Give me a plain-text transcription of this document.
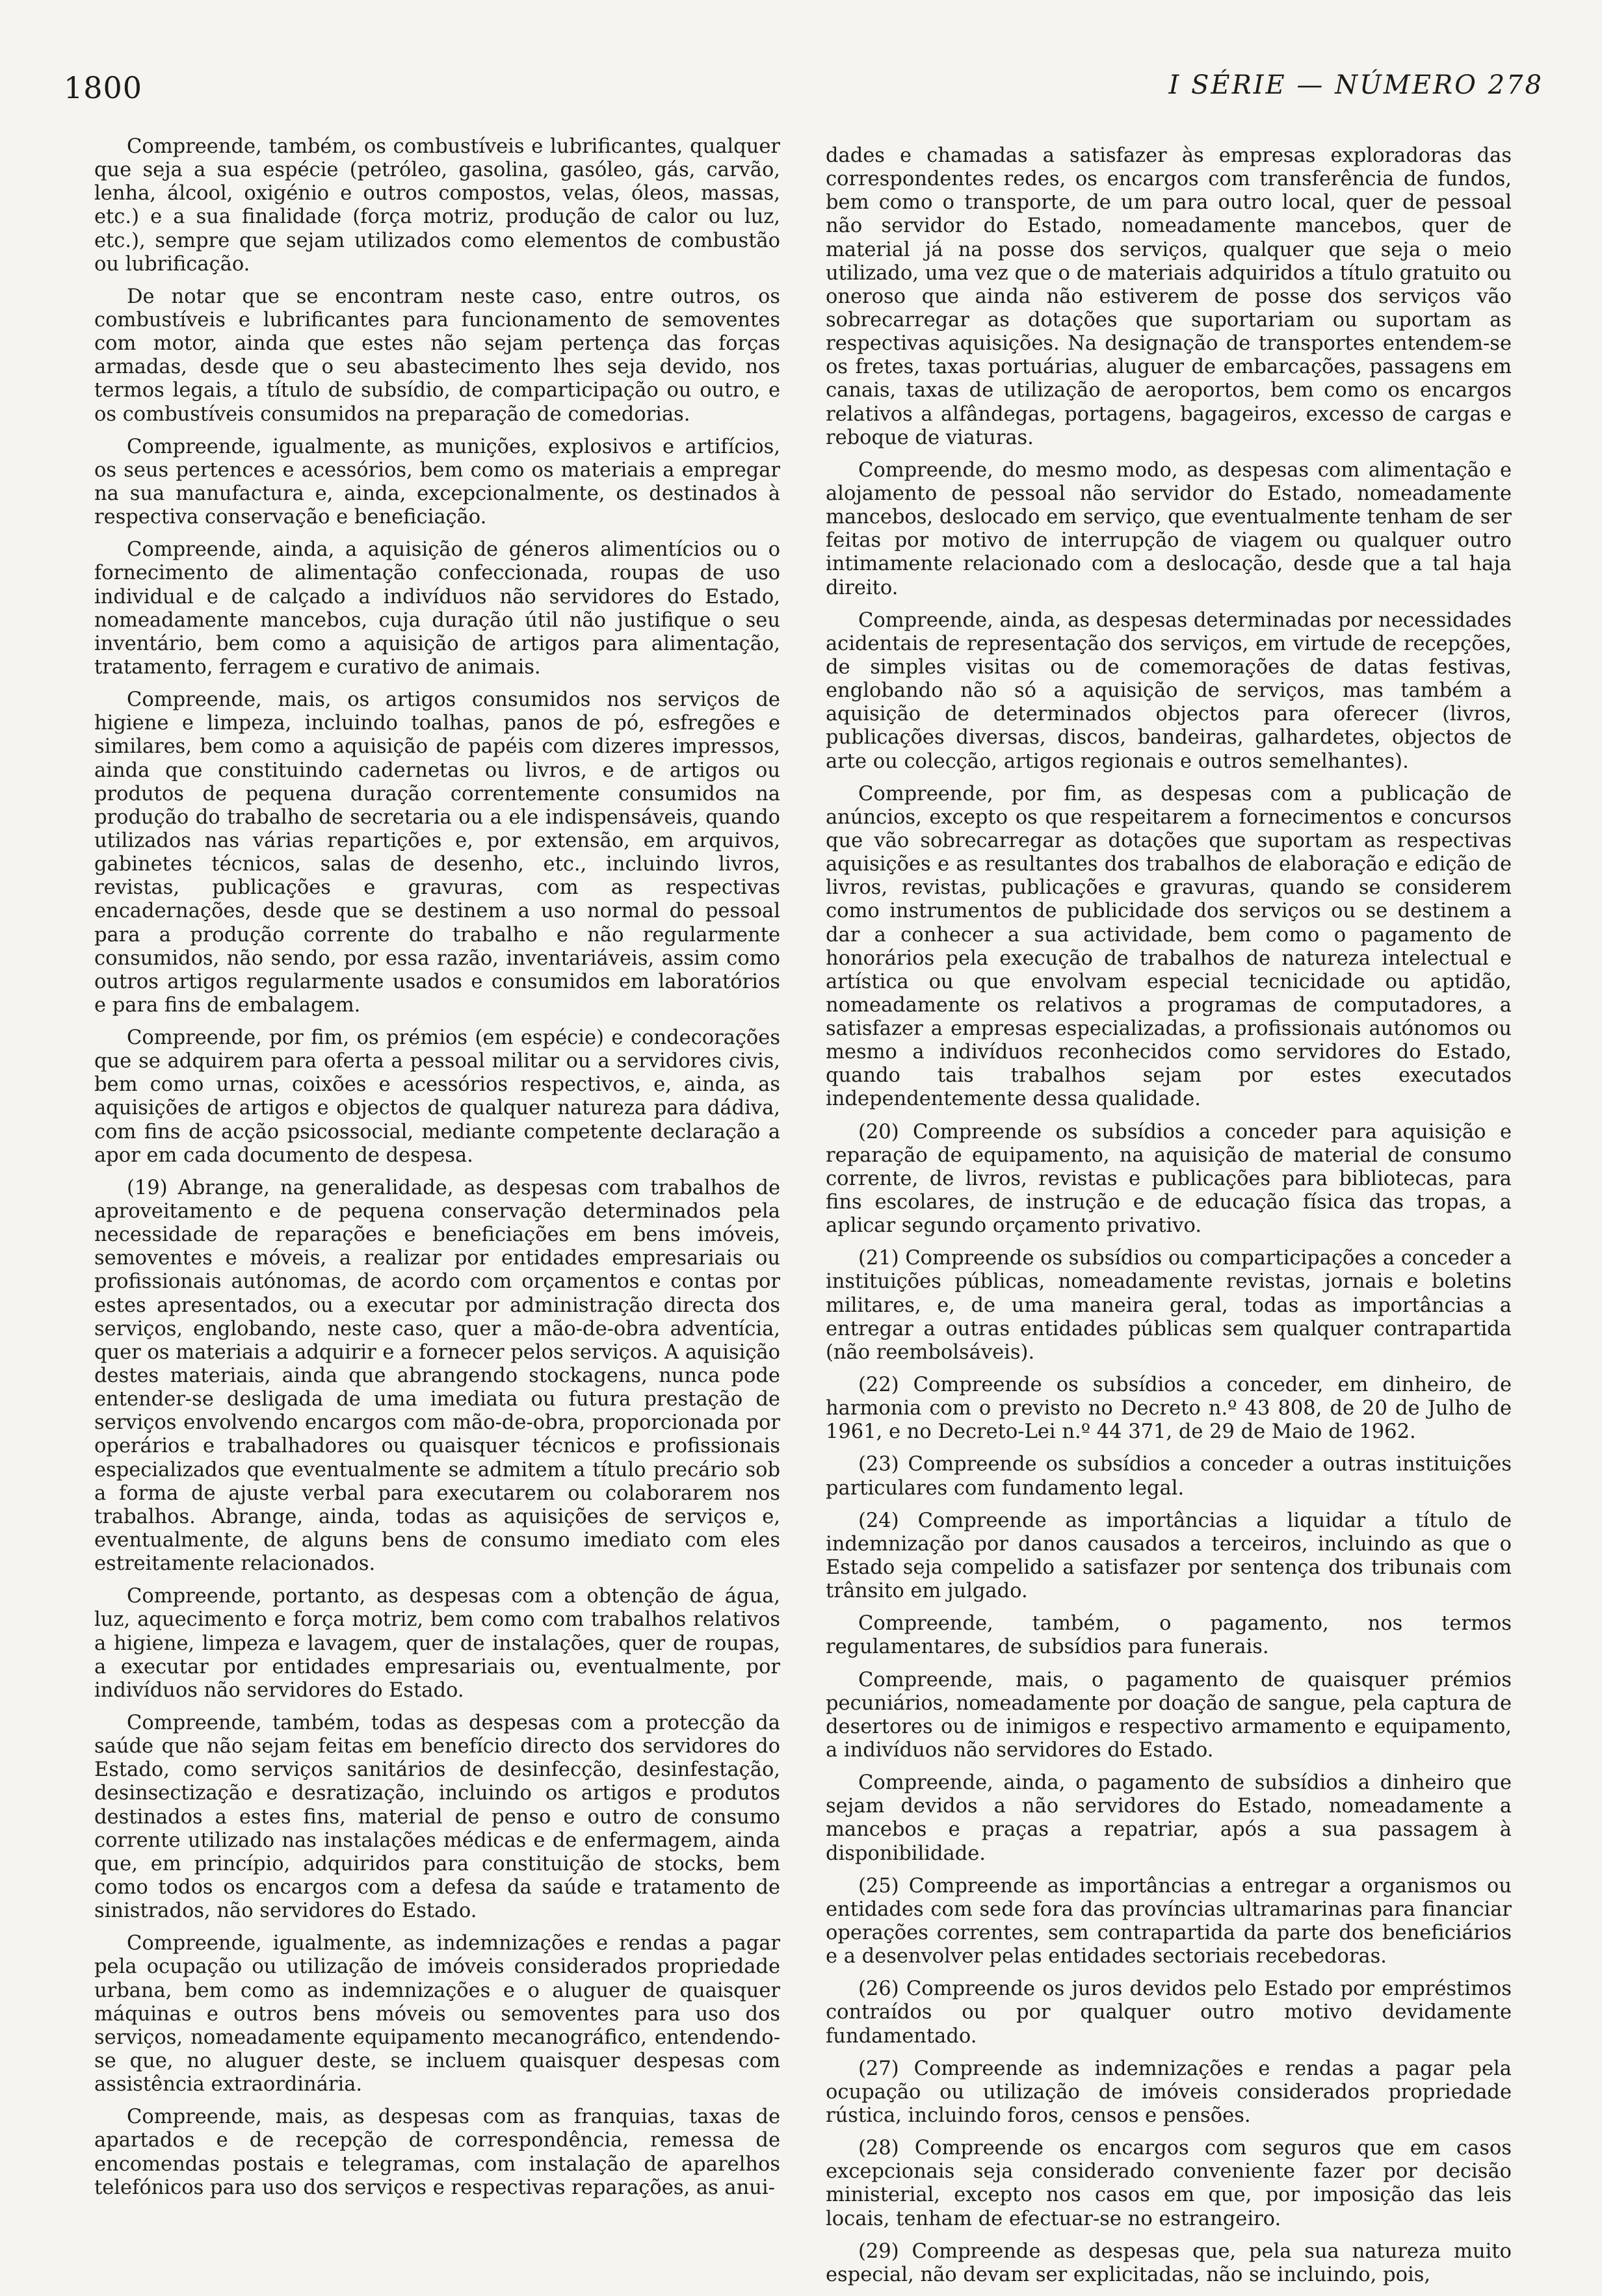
1800	I SÉRIE — NÚMERO 278

Compreende, também, os combustíveis e lubrificantes, qualquer que seja a sua espécie (petróleo, gasolina, gasóleo, gás, carvão, lenha, álcool, oxigénio e outros compostos, velas, óleos, massas, etc.) e a sua finalidade (força motriz, produção de calor ou luz, etc.), sempre que sejam utilizados como elementos de combustão ou lubrificação.

De notar que se encontram neste caso, entre outros, os combustíveis e lubrificantes para funcionamento de semoventes com motor, ainda que estes não sejam pertença das forças armadas, desde que o seu abastecimento lhes seja devido, nos termos legais, a título de subsídio, de comparticipação ou outro, e os combustíveis consumidos na preparação de comedorias.

Compreende, igualmente, as munições, explosivos e artifícios, os seus pertences e acessórios, bem como os materiais a empregar na sua manufactura e, ainda, excepcionalmente, os destinados à respectiva conservação e beneficiação.

Compreende, ainda, a aquisição de géneros alimentícios ou o fornecimento de alimentação confeccionada, roupas de uso individual e de calçado a indivíduos não servidores do Estado, nomeadamente mancebos, cuja duração útil não justifique o seu inventário, bem como a aquisição de artigos para alimentação, tratamento, ferragem e curativo de animais.

Compreende, mais, os artigos consumidos nos serviços de higiene e limpeza, incluindo toalhas, panos de pó, esfregões e similares, bem como a aquisição de papéis com dizeres impressos, ainda que constituindo cadernetas ou livros, e de artigos ou produtos de pequena duração correntemente consumidos na produção do trabalho de secretaria ou a ele indispensáveis, quando utilizados nas várias repartições e, por extensão, em arquivos, gabinetes técnicos, salas de desenho, etc., incluindo livros, revistas, publicações e gravuras, com as respectivas encadernações, desde que se destinem a uso normal do pessoal para a produção corrente do trabalho e não regularmente consumidos, não sendo, por essa razão, inventariáveis, assim como outros artigos regularmente usados e consumidos em laboratórios e para fins de embalagem.

Compreende, por fim, os prémios (em espécie) e condecorações que se adquirem para oferta a pessoal militar ou a servidores civis, bem como urnas, coixões e acessórios respectivos, e, ainda, as aquisições de artigos e objectos de qualquer natureza para dádiva, com fins de acção psicossocial, mediante competente declaração a apor em cada documento de despesa.

(19) Abrange, na generalidade, as despesas com trabalhos de aproveitamento e de pequena conservação determinados pela necessidade de reparações e beneficiações em bens imóveis, semoventes e móveis, a realizar por entidades empresariais ou profissionais autónomas, de acordo com orçamentos e contas por estes apresentados, ou a executar por administração directa dos serviços, englobando, neste caso, quer a mão-de-obra adventícia, quer os materiais a adquirir e a fornecer pelos serviços. A aquisição destes materiais, ainda que abrangendo stockagens, nunca pode entender-se desligada de uma imediata ou futura prestação de serviços envolvendo encargos com mão-de-obra, proporcionada por operários e trabalhadores ou quaisquer técnicos e profissionais especializados que eventualmente se admitem a título precário sob a forma de ajuste verbal para executarem ou colaborarem nos trabalhos. Abrange, ainda, todas as aquisições de serviços e, eventualmente, de alguns bens de consumo imediato com eles estreitamente relacionados.

Compreende, portanto, as despesas com a obtenção de água, luz, aquecimento e força motriz, bem como com trabalhos relativos a higiene, limpeza e lavagem, quer de instalações, quer de roupas, a executar por entidades empresariais ou, eventualmente, por indivíduos não servidores do Estado.

Compreende, também, todas as despesas com a protecção da saúde que não sejam feitas em benefício directo dos servidores do Estado, como serviços sanitários de desinfecção, desinfestação, desinsectização e desratização, incluindo os artigos e produtos destinados a estes fins, material de penso e outro de consumo corrente utilizado nas instalações médicas e de enfermagem, ainda que, em princípio, adquiridos para constituição de stocks, bem como todos os encargos com a defesa da saúde e tratamento de sinistrados, não servidores do Estado.

Compreende, igualmente, as indemnizações e rendas a pagar pela ocupação ou utilização de imóveis considerados propriedade urbana, bem como as indemnizações e o aluguer de quaisquer máquinas e outros bens móveis ou semoventes para uso dos serviços, nomeadamente equipamento mecanográfico, entendendo-se que, no aluguer deste, se incluem quaisquer despesas com assistência extraordinária.

Compreende, mais, as despesas com as franquias, taxas de apartados e de recepção de correspondência, remessa de encomendas postais e telegramas, com instalação de aparelhos telefónicos para uso dos serviços e respectivas reparações, as anui-

dades e chamadas a satisfazer às empresas exploradoras das correspondentes redes, os encargos com transferência de fundos, bem como o transporte, de um para outro local, quer de pessoal não servidor do Estado, nomeadamente mancebos, quer de material já na posse dos serviços, qualquer que seja o meio utilizado, uma vez que o de materiais adquiridos a título gratuito ou oneroso que ainda não estiverem de posse dos serviços vão sobrecarregar as dotações que suportariam ou suportam as respectivas aquisições. Na designação de transportes entendem-se os fretes, taxas portuárias, aluguer de embarcações, passagens em canais, taxas de utilização de aeroportos, bem como os encargos relativos a alfândegas, portagens, bagageiros, excesso de cargas e reboque de viaturas.

Compreende, do mesmo modo, as despesas com alimentação e alojamento de pessoal não servidor do Estado, nomeadamente mancebos, deslocado em serviço, que eventualmente tenham de ser feitas por motivo de interrupção de viagem ou qualquer outro intimamente relacionado com a deslocação, desde que a tal haja direito.

Compreende, ainda, as despesas determinadas por necessidades acidentais de representação dos serviços, em virtude de recepções, de simples visitas ou de comemorações de datas festivas, englobando não só a aquisição de serviços, mas também a aquisição de determinados objectos para oferecer (livros, publicações diversas, discos, bandeiras, galhardetes, objectos de arte ou colecção, artigos regionais e outros semelhantes).

Compreende, por fim, as despesas com a publicação de anúncios, excepto os que respeitarem a fornecimentos e concursos que vão sobrecarregar as dotações que suportam as respectivas aquisições e as resultantes dos trabalhos de elaboração e edição de livros, revistas, publicações e gravuras, quando se considerem como instrumentos de publicidade dos serviços ou se destinem a dar a conhecer a sua actividade, bem como o pagamento de honorários pela execução de trabalhos de natureza intelectual e artística ou que envolvam especial tecnicidade ou aptidão, nomeadamente os relativos a programas de computadores, a satisfazer a empresas especializadas, a profissionais autónomos ou mesmo a indivíduos reconhecidos como servidores do Estado, quando tais trabalhos sejam por estes executados independentemente dessa qualidade.

(20) Compreende os subsídios a conceder para aquisição e reparação de equipamento, na aquisição de material de consumo corrente, de livros, revistas e publicações para bibliotecas, para fins escolares, de instrução e de educação física das tropas, a aplicar segundo orçamento privativo.

(21) Compreende os subsídios ou comparticipações a conceder a instituições públicas, nomeadamente revistas, jornais e boletins militares, e, de uma maneira geral, todas as importâncias a entregar a outras entidades públicas sem qualquer contrapartida (não reembolsáveis).

(22) Compreende os subsídios a conceder, em dinheiro, de harmonia com o previsto no Decreto n.º 43 808, de 20 de Julho de 1961, e no Decreto-Lei n.º 44 371, de 29 de Maio de 1962.

(23) Compreende os subsídios a conceder a outras instituições particulares com fundamento legal.

(24) Compreende as importâncias a liquidar a título de indemnização por danos causados a terceiros, incluindo as que o Estado seja compelido a satisfazer por sentença dos tribunais com trânsito em julgado.

Compreende, também, o pagamento, nos termos regulamentares, de subsídios para funerais.

Compreende, mais, o pagamento de quaisquer prémios pecuniários, nomeadamente por doação de sangue, pela captura de desertores ou de inimigos e respectivo armamento e equipamento, a indivíduos não servidores do Estado.

Compreende, ainda, o pagamento de subsídios a dinheiro que sejam devidos a não servidores do Estado, nomeadamente a mancebos e praças a repatriar, após a sua passagem à disponibilidade.

(25) Compreende as importâncias a entregar a organismos ou entidades com sede fora das províncias ultramarinas para financiar operações correntes, sem contrapartida da parte dos beneficiários e a desenvolver pelas entidades sectoriais recebedoras.

(26) Compreende os juros devidos pelo Estado por empréstimos contraídos ou por qualquer outro motivo devidamente fundamentado.

(27) Compreende as indemnizações e rendas a pagar pela ocupação ou utilização de imóveis considerados propriedade rústica, incluindo foros, censos e pensões.

(28) Compreende os encargos com seguros que em casos excepcionais seja considerado conveniente fazer por decisão ministerial, excepto nos casos em que, por imposição das leis locais, tenham de efectuar-se no estrangeiro.

(29) Compreende as despesas que, pela sua natureza muito especial, não devam ser explicitadas, não se incluindo, pois,
